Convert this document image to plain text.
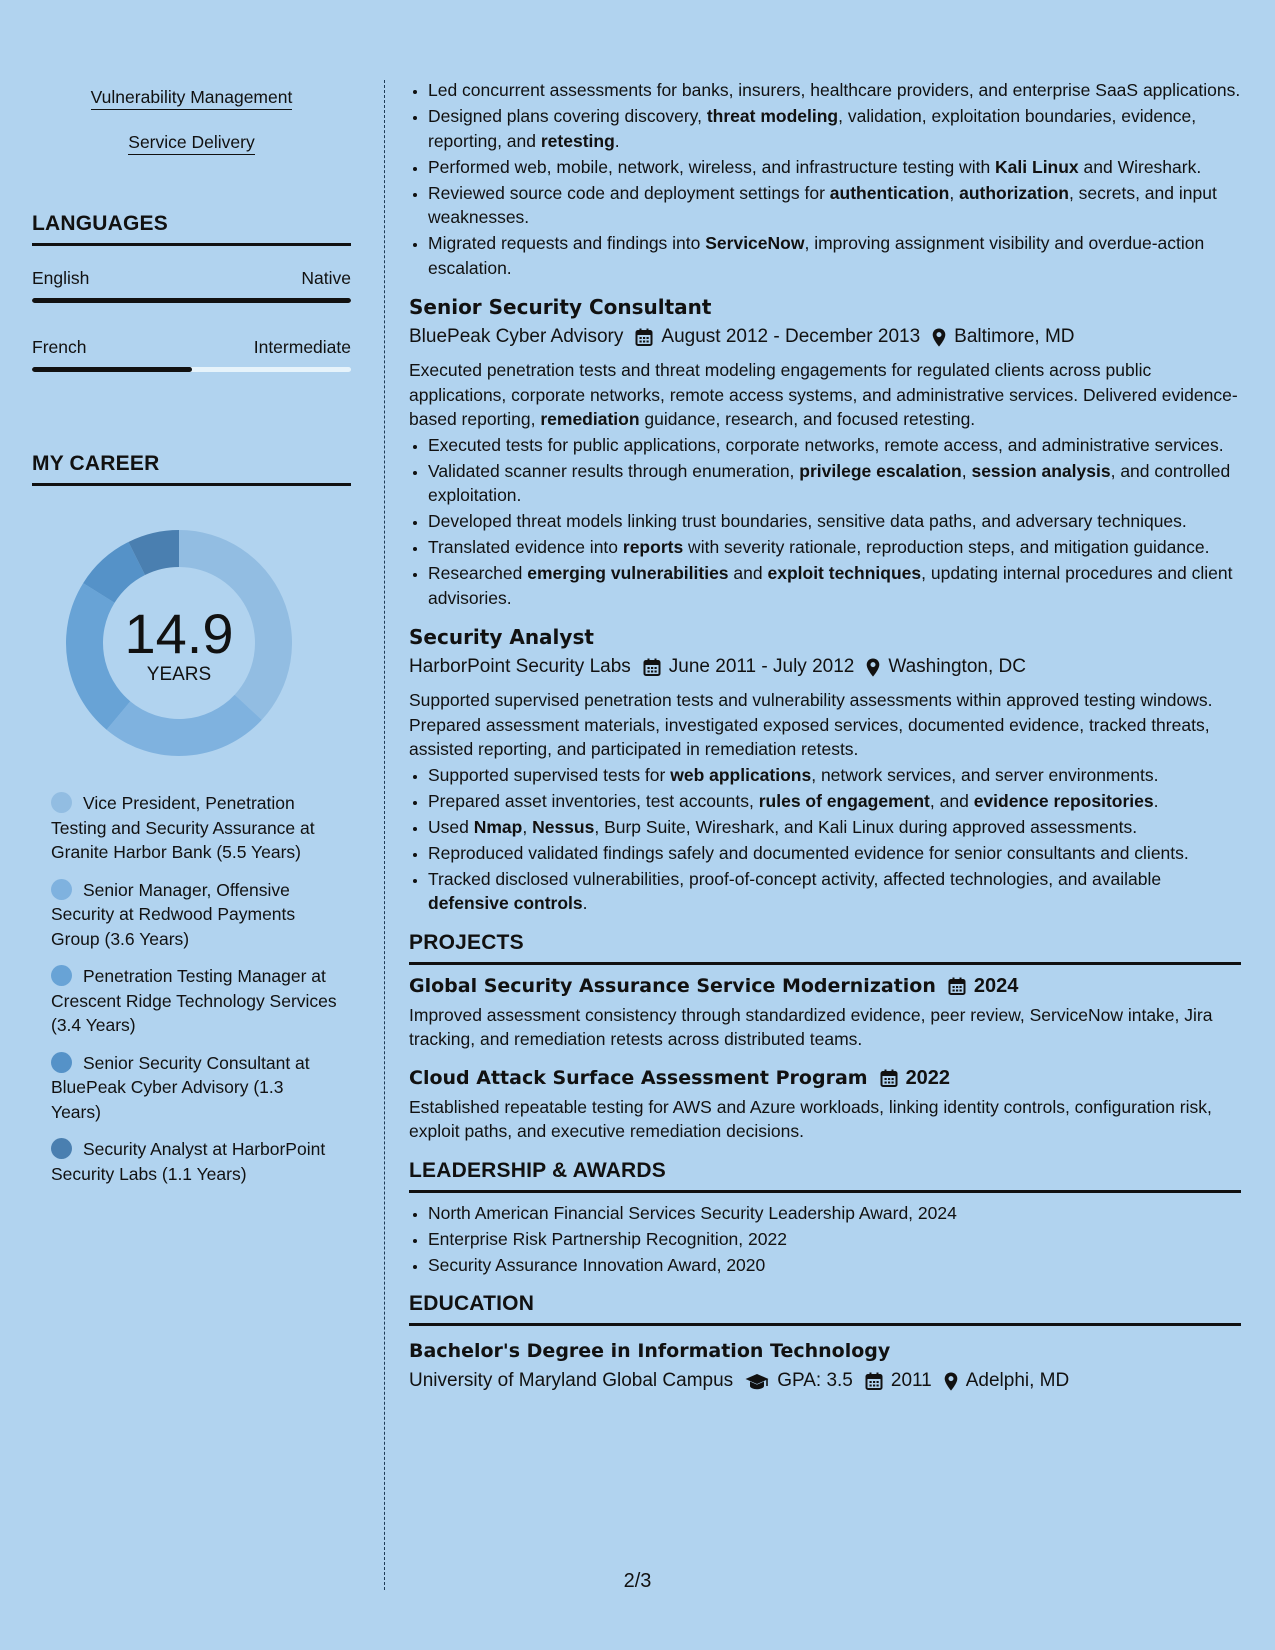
Vulnerability Management
Service Delivery
LANGUAGES
English	Native
French	Intermediate
MY CAREER
14.9
YEARS
Vice President, Penetration Testing and Security Assurance at Granite Harbor Bank (5.5 Years)
Senior Manager, Offensive Security at Redwood Payments Group (3.6 Years)
Penetration Testing Manager at Crescent Ridge Technology Services (3.4 Years)
Senior Security Consultant at BluePeak Cyber Advisory (1.3 Years)
Security Analyst at HarborPoint Security Labs (1.1 Years)
• Led concurrent assessments for banks, insurers, healthcare providers, and enterprise SaaS applications.
• Designed plans covering discovery, threat modeling, validation, exploitation boundaries, evidence, reporting, and retesting.
• Performed web, mobile, network, wireless, and infrastructure testing with Kali Linux and Wireshark.
• Reviewed source code and deployment settings for authentication, authorization, secrets, and input weaknesses.
• Migrated requests and findings into ServiceNow, improving assignment visibility and overdue-action escalation.
Senior Security Consultant
BluePeak Cyber Advisory August 2012 - December 2013 Baltimore, MD
Executed penetration tests and threat modeling engagements for regulated clients across public applications, corporate networks, remote access systems, and administrative services. Delivered evidence-based reporting, remediation guidance, research, and focused retesting.
• Executed tests for public applications, corporate networks, remote access, and administrative services.
• Validated scanner results through enumeration, privilege escalation, session analysis, and controlled exploitation.
• Developed threat models linking trust boundaries, sensitive data paths, and adversary techniques.
• Translated evidence into reports with severity rationale, reproduction steps, and mitigation guidance.
• Researched emerging vulnerabilities and exploit techniques, updating internal procedures and client advisories.
Security Analyst
HarborPoint Security Labs June 2011 - July 2012 Washington, DC
Supported supervised penetration tests and vulnerability assessments within approved testing windows. Prepared assessment materials, investigated exposed services, documented evidence, tracked threats, assisted reporting, and participated in remediation retests.
• Supported supervised tests for web applications, network services, and server environments.
• Prepared asset inventories, test accounts, rules of engagement, and evidence repositories.
• Used Nmap, Nessus, Burp Suite, Wireshark, and Kali Linux during approved assessments.
• Reproduced validated findings safely and documented evidence for senior consultants and clients.
• Tracked disclosed vulnerabilities, proof-of-concept activity, affected technologies, and available defensive controls.
PROJECTS
Global Security Assurance Service Modernization 2024
Improved assessment consistency through standardized evidence, peer review, ServiceNow intake, Jira tracking, and remediation retests across distributed teams.
Cloud Attack Surface Assessment Program 2022
Established repeatable testing for AWS and Azure workloads, linking identity controls, configuration risk, exploit paths, and executive remediation decisions.
LEADERSHIP & AWARDS
• North American Financial Services Security Leadership Award, 2024
• Enterprise Risk Partnership Recognition, 2022
• Security Assurance Innovation Award, 2020
EDUCATION
Bachelor's Degree in Information Technology
University of Maryland Global Campus GPA: 3.5 2011 Adelphi, MD
2/3
